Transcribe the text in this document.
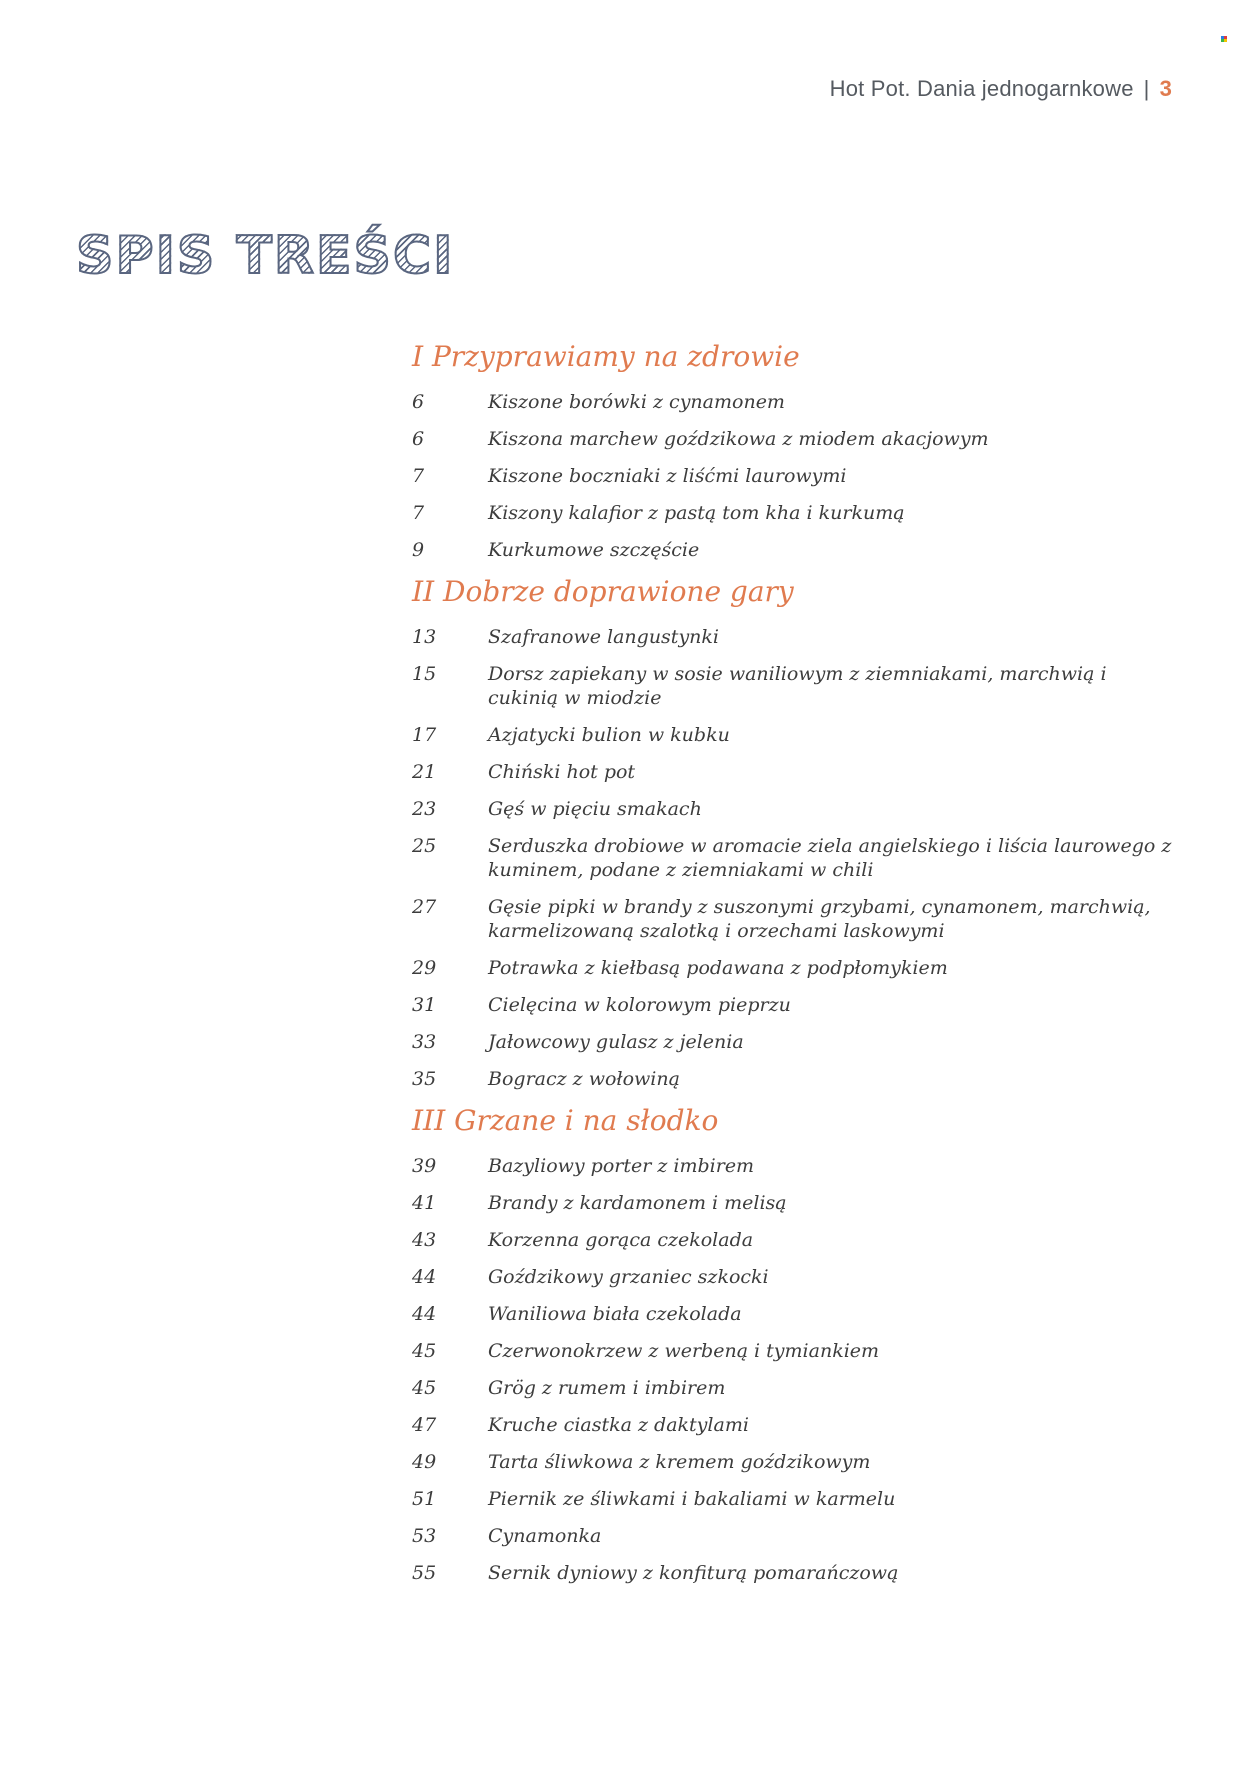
Hot Pot. Dania jednogarnkowe | 3
SPIS TREŚCI
I Przyprawiamy na zdrowie
6	Kiszone borówki z cynamonem
6	Kiszona marchew goździkowa z miodem akacjowym
7	Kiszone boczniaki z liśćmi laurowymi
7	Kiszony kalafior z pastą tom kha i kurkumą
9	Kurkumowe szczęście
II Dobrze doprawione gary
13	Szafranowe langustynki
15	Dorsz zapiekany w sosie waniliowym z ziemniakami, marchwią i cukinią w miodzie
17	Azjatycki bulion w kubku
21	Chiński hot pot
23	Gęś w pięciu smakach
25	Serduszka drobiowe w aromacie ziela angielskiego i liścia laurowego z kuminem, podane z ziemniakami w chili
27	Gęsie pipki w brandy z suszonymi grzybami, cynamonem, marchwią, karmelizowaną szalotką i orzechami laskowymi
29	Potrawka z kiełbasą podawana z podpłomykiem
31	Cielęcina w kolorowym pieprzu
33	Jałowcowy gulasz z jelenia
35	Bogracz z wołowiną
III Grzane i na słodko
39	Bazyliowy porter z imbirem
41	Brandy z kardamonem i melisą
43	Korzenna gorąca czekolada
44	Goździkowy grzaniec szkocki
44	Waniliowa biała czekolada
45	Czerwonokrzew z werbeną i tymiankiem
45	Grög z rumem i imbirem
47	Kruche ciastka z daktylami
49	Tarta śliwkowa z kremem goździkowym
51	Piernik ze śliwkami i bakaliami w karmelu
53	Cynamonka
55	Sernik dyniowy z konfiturą pomarańczową
